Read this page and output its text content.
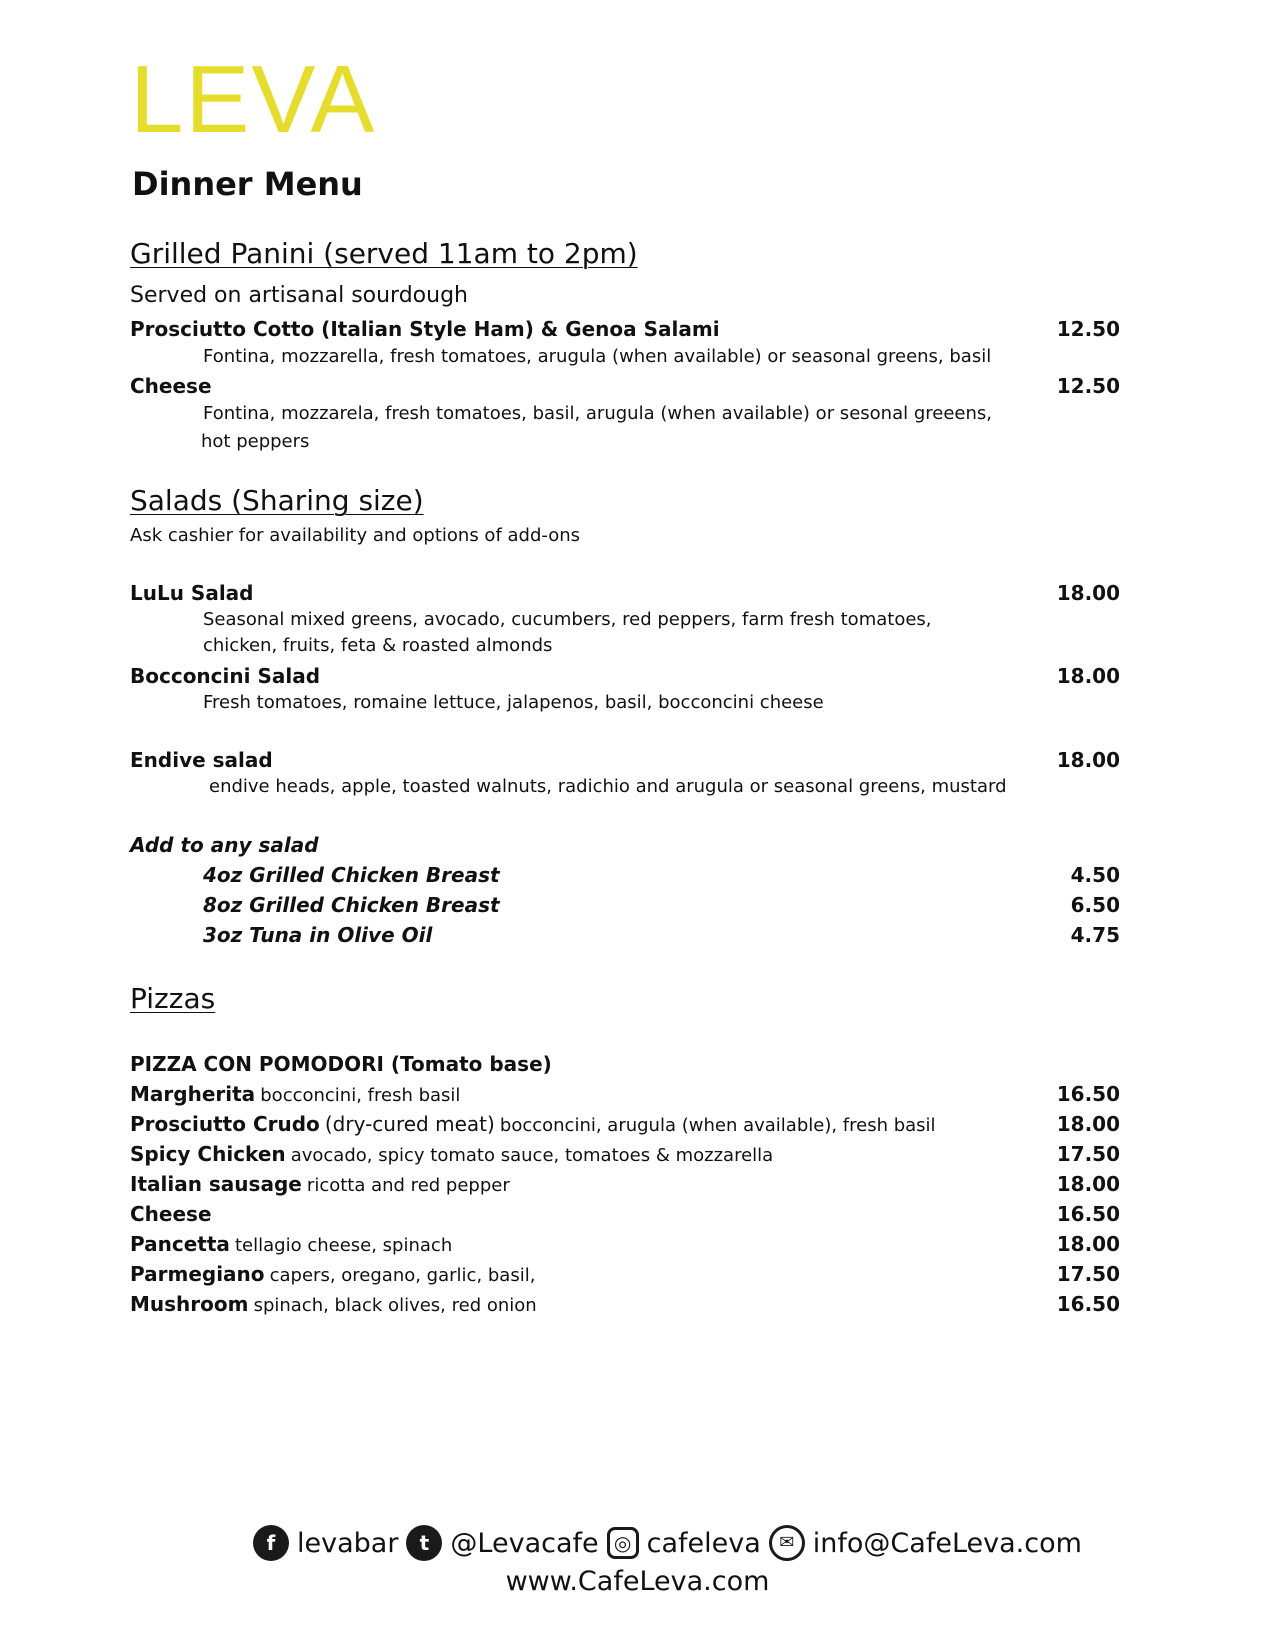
LEVA
Dinner Menu
Grilled Panini (served 11am to 2pm)
Served on artisanal sourdough
Prosciutto Cotto (Italian Style Ham) & Genoa Salami	12.50
Fontina, mozzarella, fresh tomatoes, arugula (when available) or seasonal greens, basil
Cheese	12.50
Fontina, mozzarela, fresh tomatoes, basil, arugula (when available) or sesonal greeens,
hot peppers
Salads (Sharing size)
Ask cashier for availability and options of add-ons
LuLu Salad	18.00
Seasonal mixed greens, avocado, cucumbers, red peppers, farm fresh tomatoes,
chicken, fruits, feta & roasted almonds
Bocconcini Salad	18.00
Fresh tomatoes, romaine lettuce, jalapenos, basil, bocconcini cheese
Endive salad	18.00
endive heads, apple, toasted walnuts, radichio and arugula or seasonal greens, mustard
Add to any salad
4oz Grilled Chicken Breast	4.50
8oz Grilled Chicken Breast	6.50
3oz Tuna in Olive Oil	4.75
Pizzas
PIZZA CON POMODORI (Tomato base)
Margherita bocconcini, fresh basil	16.50
Prosciutto Crudo (dry-cured meat) bocconcini, arugula (when available), fresh basil	18.00
Spicy Chicken avocado, spicy tomato sauce, tomatoes & mozzarella	17.50
Italian sausage ricotta and red pepper	18.00
Cheese	16.50
Pancetta tellagio cheese, spinach	18.00
Parmegiano capers, oregano, garlic, basil,	17.50
Mushroom spinach, black olives, red onion	16.50
f levabar	t @Levacafe ◎ cafeleva	✉ info@CafeLeva.com
www.CafeLeva.com
